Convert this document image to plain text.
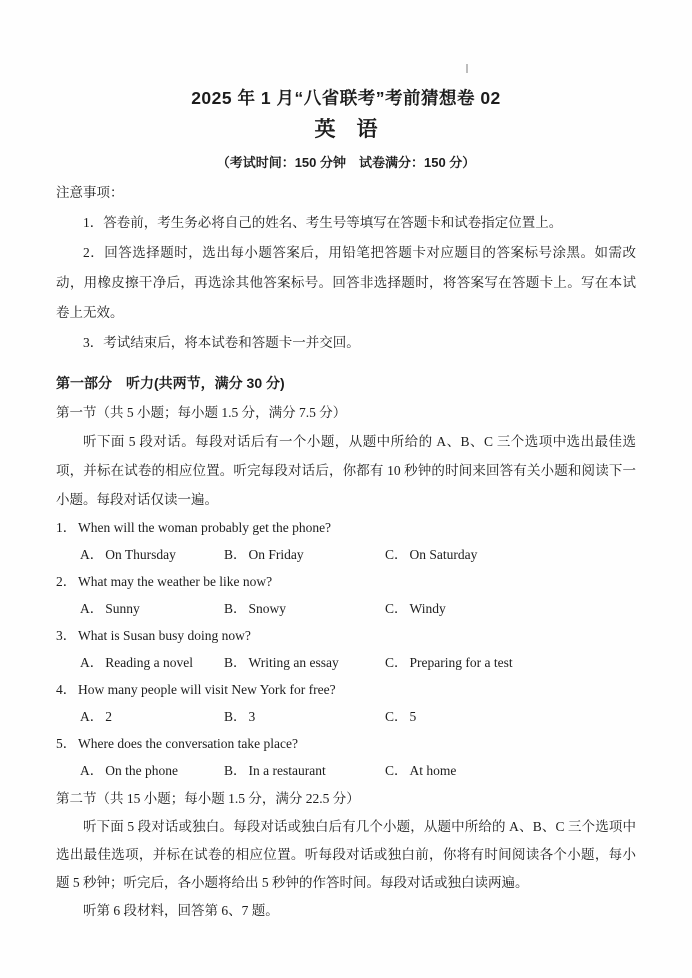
2025 年 1 月“八省联考”考前猜想卷 02
英　语
（考试时间：150 分钟　试卷满分：150 分）
注意事项：
1．答卷前，考生务必将自己的姓名、考生号等填写在答题卡和试卷指定位置上。
2．回答选择题时，选出每小题答案后，用铅笔把答题卡对应题目的答案标号涂黑。如需改动，用橡皮擦干净后，再选涂其他答案标号。回答非选择题时，将答案写在答题卡上。写在本试卷上无效。
3．考试结束后，将本试卷和答题卡一并交回。
第一部分　听力(共两节，满分 30 分)
第一节（共 5 小题；每小题 1.5 分，满分 7.5 分）
听下面 5 段对话。每段对话后有一个小题，从题中所给的 A、B、C 三个选项中选出最佳选项，并标在试卷的相应位置。听完每段对话后，你都有 10 秒钟的时间来回答有关小题和阅读下一小题。每段对话仅读一遍。
1． When will the woman probably get the phone?
A． On Thursday	B． On Friday	C． On Saturday
2． What may the weather be like now?
A． Sunny	B． Snowy	C． Windy
3． What is Susan busy doing now?
A． Reading a novel	B． Writing an essay	C． Preparing for a test
4． How many people will visit New York for free?
A． 2	B． 3	C． 5
5． Where does the conversation take place?
A． On the phone	B． In a restaurant	C． At home
第二节（共 15 小题；每小题 1.5 分，满分 22.5 分）
听下面 5 段对话或独白。每段对话或独白后有几个小题，从题中所给的 A、B、C 三个选项中选出最佳选项，并标在试卷的相应位置。听每段对话或独白前，你将有时间阅读各个小题，每小题 5 秒钟；听完后，各小题将给出 5 秒钟的作答时间。每段对话或独白读两遍。
听第 6 段材料，回答第 6、7 题。
